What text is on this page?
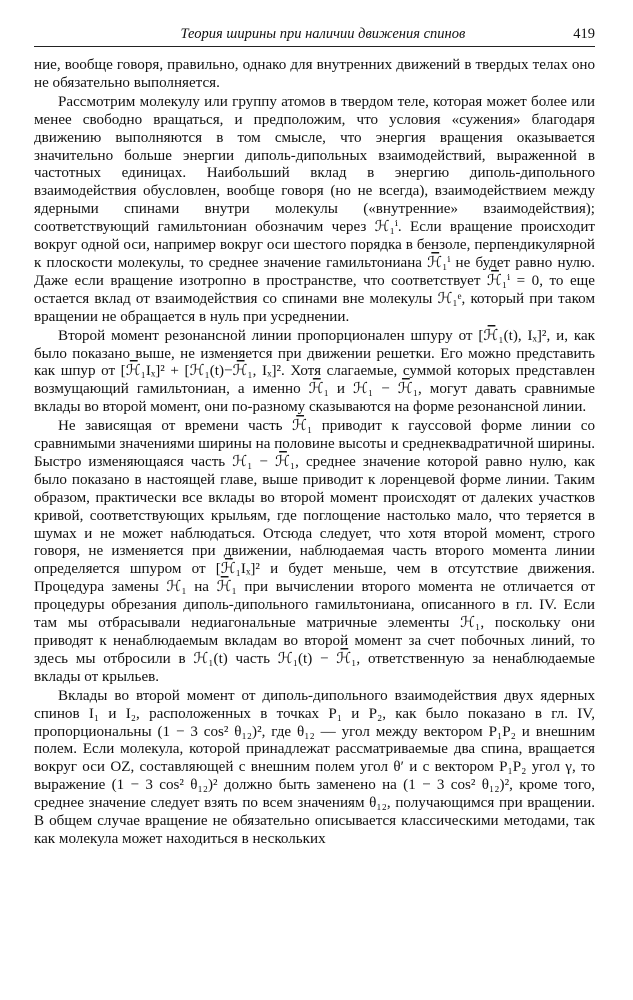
Теория ширины при наличии движения спинов	419

ние, вообще говоря, правильно, однако для внутренних движений в твердых телах оно не обязательно выполняется.

Рассмотрим молекулу или группу атомов в твердом теле, которая может более или менее свободно вращаться, и предположим, что условия «сужения» благодаря движению выполняются в том смысле, что энергия вращения оказывается значительно больше энергии диполь-дипольных взаимодействий, выраженной в частотных единицах. Наибольший вклад в энергию диполь-дипольного взаимодействия обусловлен, вообще говоря (но не всегда), взаимодействием между ядерными спинами внутри молекулы («внутренние» взаимодействия); соответствующий гамильтониан обозначим через ℋ₁ⁱ. Если вращение происходит вокруг одной оси, например вокруг оси шестого порядка в бензоле, перпендикулярной к плоскости молекулы, то среднее значение гамильтониана ℋ̅₁ⁱ не будет равно нулю. Даже если вращение изотропно в пространстве, что соответствует ℋ̅₁ⁱ = 0, то еще остается вклад от взаимодействия со спинами вне молекулы ℋ₁ᵉ, который при таком вращении не обращается в нуль при усреднении.

Второй момент резонансной линии пропорционален шпуру от [ℋ̅₁(t), Iₓ]², и, как было показано выше, не изменяется при движении решетки. Его можно представить как шпур от [ℋ̅₁Iₓ]² + [ℋ₁(t)−ℋ̅₁, Iₓ]². Хотя слагаемые, суммой которых представлен возмущающий гамильтониан, а именно ℋ̅₁ и ℋ₁ − ℋ̅₁, могут давать сравнимые вклады во второй момент, они по-разному сказываются на форме резонансной линии.

Не зависящая от времени часть ℋ̅₁ приводит к гауссовой форме линии со сравнимыми значениями ширины на половине высоты и среднеквадратичной ширины. Быстро изменяющаяся часть ℋ₁ − ℋ̅₁, среднее значение которой равно нулю, как было показано в настоящей главе, выше приводит к лоренцевой форме линии. Таким образом, практически все вклады во второй момент происходят от далеких участков кривой, соответствующих крыльям, где поглощение настолько мало, что теряется в шумах и не может наблюдаться. Отсюда следует, что хотя второй момент, строго говоря, не изменяется при движении, наблюдаемая часть второго момента линии определяется шпуром от [ℋ̅₁Iₓ]² и будет меньше, чем в отсутствие движения. Процедура замены ℋ₁ на ℋ̅₁ при вычислении второго момента не отличается от процедуры обрезания диполь-дипольного гамильтониана, описанного в гл. IV. Если там мы отбрасывали недиагональные матричные элементы ℋ₁, поскольку они приводят к ненаблюдаемым вкладам во второй момент за счет побочных линий, то здесь мы отбросили в ℋ₁(t) часть ℋ₁(t) − ℋ̅₁, ответственную за ненаблюдаемые вклады от крыльев.

Вклады во второй момент от диполь-дипольного взаимодействия двух ядерных спинов I₁ и I₂, расположенных в точках P₁ и P₂, как было показано в гл. IV, пропорциональны (1 − 3 cos² θ₁₂)², где θ₁₂ — угол между вектором P₁P₂ и внешним полем. Если молекула, которой принадлежат рассматриваемые два спина, вращается вокруг оси OZ, составляющей с внешним полем угол θ′ и с вектором P₁P₂ угол γ, то выражение (1 − 3 cos² θ₁₂)² должно быть заменено на (1 − 3 cos² θ₁₂)², кроме того, среднее значение следует взять по всем значениям θ₁₂, получающимся при вращении. В общем случае вращение не обязательно описывается классическими методами, так как молекула может находиться в нескольких
